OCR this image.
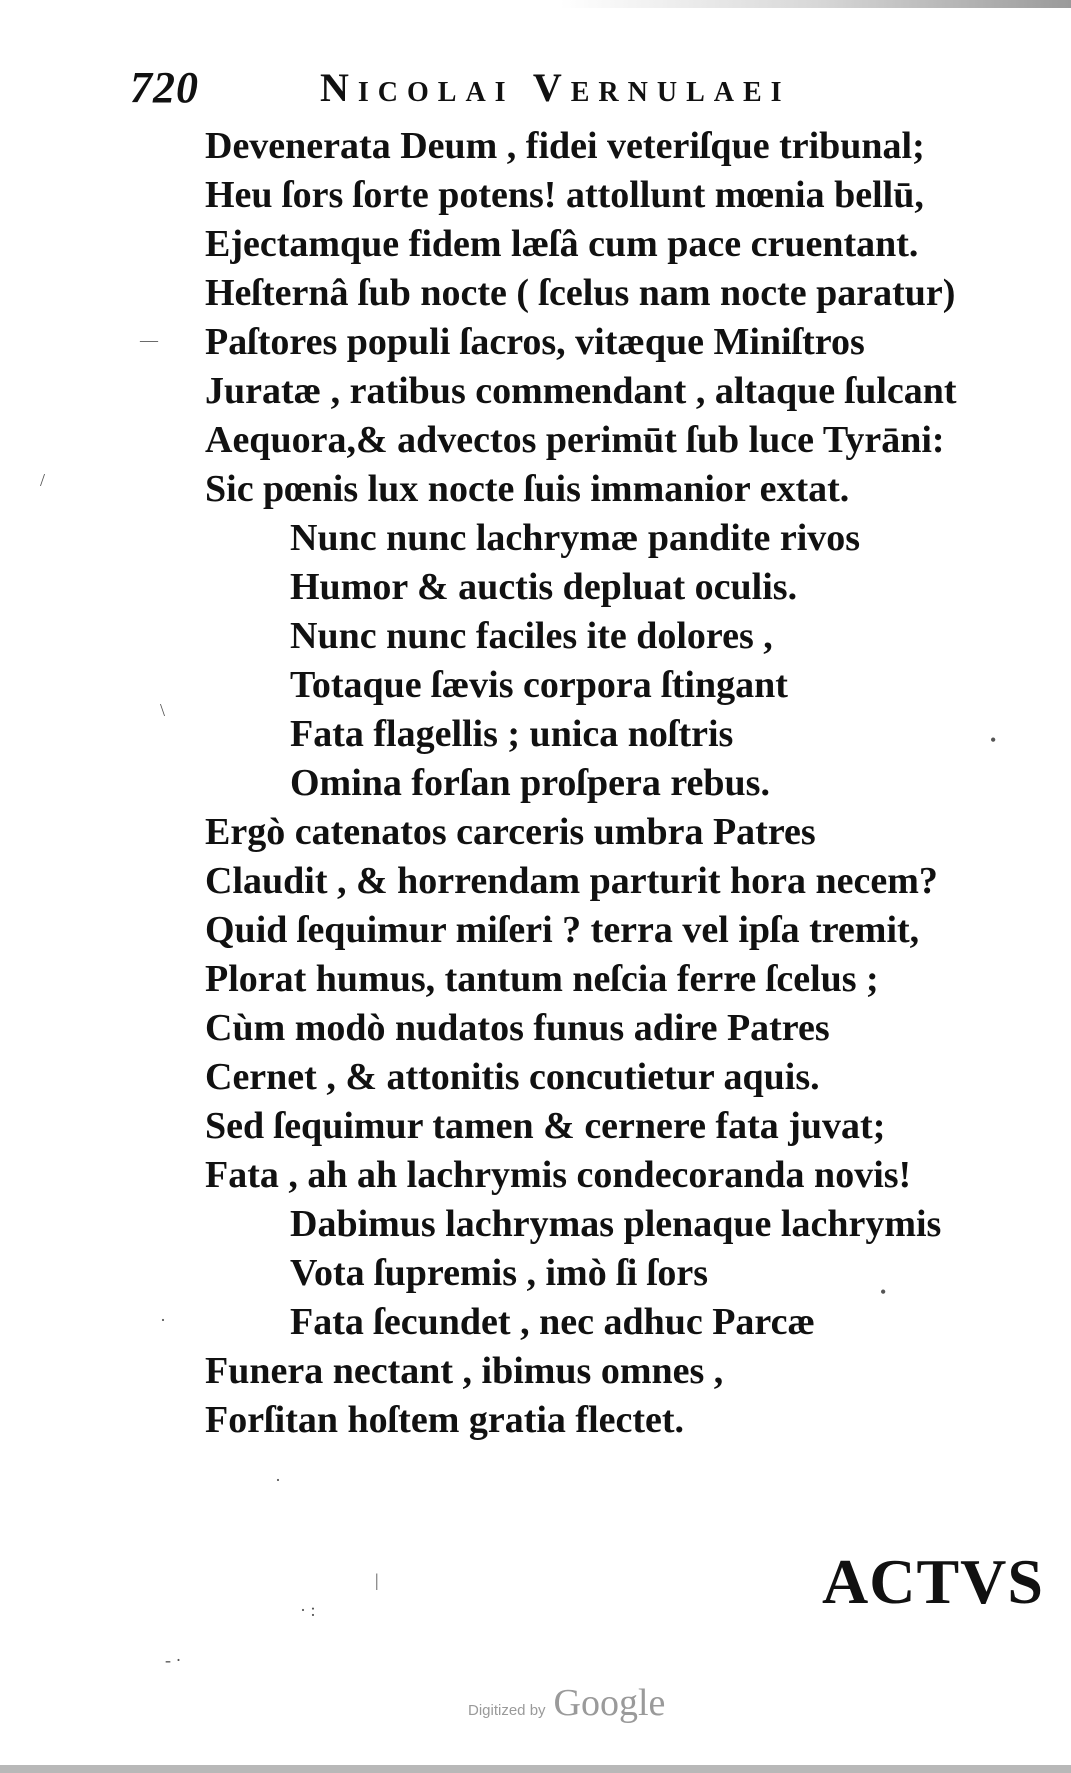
720	Nicolai Vernulaei
Devenerata Deum , fidei veteriſque tribunal;
Heu ſors ſorte potens! attollunt mœnia bellū,
Ejectamque fidem læſâ cum pace cruentant.
Heſternâ ſub nocte ( ſcelus nam nocte paratur)
Paſtores populi ſacros, vitæque Miniſtros
Juratæ , ratibus commendant , altaque ſulcant
Aequora,& advectos perimūt ſub luce Tyrāni:
Sic pœnis lux nocte ſuis immanior extat.
Nunc nunc lachrymæ pandite rivos
Humor & auctis depluat oculis.
Nunc nunc faciles ite dolores ,
Totaque ſævis corpora ſtingant
Fata flagellis ; unica noſtris
Omina forſan proſpera rebus.
Ergò catenatos carceris umbra Patres
Claudit , & horrendam parturit hora necem?
Quid ſequimur miſeri ? terra vel ipſa tremit,
Plorat humus, tantum neſcia ferre ſcelus ;
Cùm modò nudatos funus adire Patres
Cernet , & attonitis concutietur aquis.
Sed ſequimur tamen & cernere fata juvat;
Fata , ah ah lachrymis condecoranda novis!
Dabimus lachrymas plenaque lachrymis
Vota ſupremis , imò ſi ſors
Fata ſecundet , nec adhuc Parcæ
Funera nectant , ibimus omnes ,
Forſitan hoſtem gratia flectet.
ACTVS
—
/
\
•
·
·
|
· :
- ·
•
Digitized by Google
